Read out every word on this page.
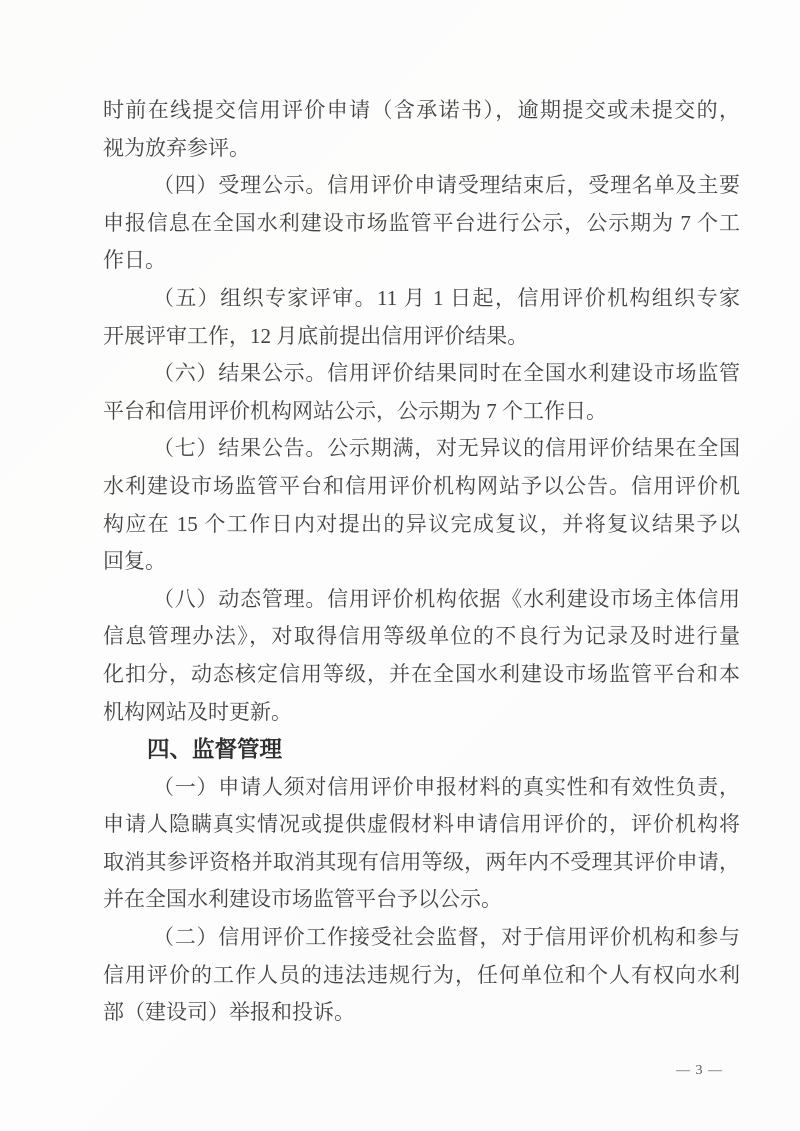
时前在线提交信用评价申请（含承诺书），逾期提交或未提交的，
视为放弃参评。
（四）受理公示。信用评价申请受理结束后，受理名单及主要
申报信息在全国水利建设市场监管平台进行公示，公示期为 7 个工
作日。
（五）组织专家评审。11 月 1 日起，信用评价机构组织专家
开展评审工作，12 月底前提出信用评价结果。
（六）结果公示。信用评价结果同时在全国水利建设市场监管
平台和信用评价机构网站公示，公示期为 7 个工作日。
（七）结果公告。公示期满，对无异议的信用评价结果在全国
水利建设市场监管平台和信用评价机构网站予以公告。信用评价机
构应在 15 个工作日内对提出的异议完成复议，并将复议结果予以
回复。
（八）动态管理。信用评价机构依据《水利建设市场主体信用
信息管理办法》，对取得信用等级单位的不良行为记录及时进行量
化扣分，动态核定信用等级，并在全国水利建设市场监管平台和本
机构网站及时更新。
四、监督管理
（一）申请人须对信用评价申报材料的真实性和有效性负责，
申请人隐瞒真实情况或提供虚假材料申请信用评价的，评价机构将
取消其参评资格并取消其现有信用等级，两年内不受理其评价申请，
并在全国水利建设市场监管平台予以公示。
（二）信用评价工作接受社会监督，对于信用评价机构和参与
信用评价的工作人员的违法违规行为，任何单位和个人有权向水利
部（建设司）举报和投诉。
— 3 —
